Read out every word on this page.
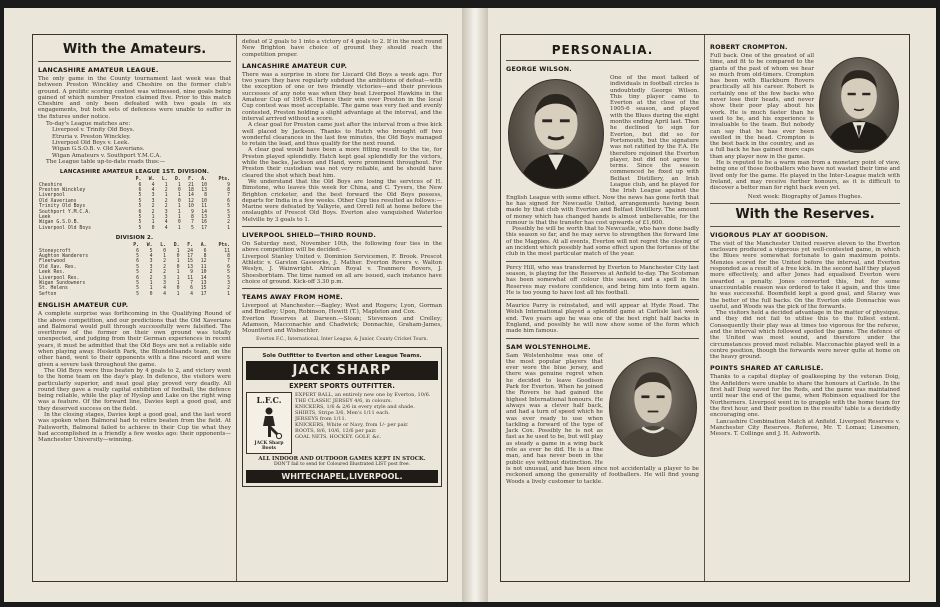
With the Amateurs.
LANCASHIRE AMATEUR LEAGUE.

The only game in the County tournament last week was that between Preston Winckley and Cheshire on the former club's ground. A prolific scoring contest was witnessed, nine goals being gained of which number Preston claimed five. Prior to this match Cheshire and only been defeated with two goals in six engagements, but both sets of defences were unable to suffer in the fixtures under notice.

To-day's League matches are:

Liverpool v. Trinity Old Boys.

Etruria v. Preston Winckley.

Liverpool Old Boys v. Leek.

Wigan G.S.O.B. v. Old Xaverians.

Wigan Amateurs v. Southport Y.M.C.A.

The League table up-to-date reads thus:—

LANCASHIRE AMATEUR LEAGUE 1ST. DIVISION.
	P.	W.	L.	D.	F.	A.	Pts.
Cheshire	6	4	1	1	21	10	9
Preston Winckley	6	4	2	0	18	13	8
Liverpool	5	3	1	1	14	8	7
Old Xaverians	5	3	2	0	12	10	6
Trinity Old Boys	5	2	2	1	10	11	5
Southport Y.M.C.A.	6	2	3	1	9	14	5
Leek	5	1	3	1	8	13	3
Wigan G.S.O.B.	5	1	4	0	7	16	2
Liverpool Old Boys	5	0	4	1	5	17	1
DIVISION 2.
	P.	W.	L.	D.	F.	A.	Pts.
Stoneycroft	6	5	0	1	24	6	11
Aughton Wanderers	5	4	1	0	17	8	8
Fleetwood	6	3	2	1	15	12	7
Old Xav. Res.	5	3	2	0	13	11	6
Leek Res.	5	2	2	1	9	10	5
Liverpool Res.	6	2	3	1	11	14	5
Wigan Sundowners	5	1	3	1	7	13	3
St. Helens	5	1	4	0	6	15	2
Sefton	5	0	4	1	4	17	1
ENGLISH AMATEUR CUP.

A complete surprise was forthcoming in the Qualifying Round of the above competition, and our predictions that the Old Xaverians and Balmoral would pull through successfully were falsified. The overthrow of the former on their own ground was totally unexpected, and judging from their German experiences in recent years, it must be admitted that the Old Boys are not a reliable side when playing away. Hesketh Park, the Blundellsands team, on the other hand, went to their opponents with a fine record and were given a severe task throughout the game.

The Old Boys were thus beaten by 4 goals to 2, and victory went to the home team on the day's play. In defence, the visitors were particularly superior, and neat goal play proved very deadly. All round they gave a really capital exhibition of football, the defence being reliable, while the play of Hyslop and Lake on the right wing was a feature. Of the forward line, Davies kept a good goal, and they deserved success on the field.

In the closing stages, Davies kept a good goal, and the last word was spoken when Balmoral had to retire beaten from the field. At Failsworth, Balmoral failed to achieve in their Cup tie what they had accomplished in a friendly a few weeks ago: their opponents—Manchester University—winning.

defeat of 2 goals to 1 into a victory of 4 goals to 2. If in the next round New Brighton have choice of ground they should reach the competition proper.

LANCASHIRE AMATEUR CUP.

There was a surprise in store for Liscard Old Boys a week ago. For two years they have regularly subdued the ambitions of defeat—with the exception of one or two friendly victories—and their previous successes of any note was when they beat Liverpool Hawkins in the Amateur Cup of 1905-6. Hence their win over Preston in the local Cup contest was most acceptable. The game was very fast and evenly contested, Preston holding a slight advantage at the interval, and the interval arrived without a score.

A clear goal for Preston came just after the interval from a free kick well placed by Jackson. Thanks to Hatch who brought off two wonderful clearances in the last few minutes, the Old Boys managed to retain the lead, and thus qualify for the next round.

A clear goal would have been a more fitting result to the tie, for Preston played splendidly. Hatch kept goal splendidly for the victors, while the backs, Jackson and Hand, were prominent throughout. For Preston their custodian was not very reliable, and he should have cleared the shot which beat him.

We understand that the Old Boys are losing the services of H. Bimstone, who leaves this week for China, and C. Tyvers, the New Brighton cricketer, and the best forward the Old Boys possess, departs for India in a few weeks. Other Cup ties resulted as follows:—Marine were defeated by Valkyrie, and Orrell fell at home before the onslaughts of Prescot Old Boys. Everton also vanquished Waterloo Melville by 3 goals to 1.

LIVERPOOL SHIELD—THIRD ROUND.

On Saturday next, November 10th, the following four ties in the above competition will be decided:—

Liverpool Stanley United v. Dominion Servicemen, F. Brook. Prescot Athletic v. Garston Gasworks, J. Mather. Everton Rovers v. Walton Weslyn, J. Wainwright. African Royal v. Tranmere Rovers, J. Shoesborhtam. The time named on all are issued, each instance have choice of ground. Kick-off 3.30 p.m.

TEAMS AWAY FROM HOME.

Liverpool at Manchester.—Bagley; West and Rogers; Lyon, Gorman and Bradley; Upon, Robinson, Hewitt (T.), Mapleton and Cox.

Everton Reserves at Darwen.—Sloan; Stevenson and Crelley; Adamson, Macconachie and Chadwick; Donnachie, Graham-James, Mountford and Wisbechler.

Everton F.C., International, Inter League, & Junior, County Cricket Tourn.

Sole Outfitter to Everton and other League Teams.
JACK SHARP
EXPERT SPORTS OUTFITTER.
L.F.C.
JACK Sharp Boots
EXPERT BALL, an entirely new one by Everton, 10/6.
THE CLASSIC JERSEY 4/6, in colours.
KNICKERS, 1/6 & 2/6 in every style and shade.
SHIRTS, Stripe 3/6, Men's 1/11 each.
JERSEYS from 1/11.
KNICKERS, White or Navy, from 1/- per pair.
BOOTS, 8/6, 10/6, 12/6 per pair.
GOAL NETS. HOCKEY. GOLF. &c.
ALL INDOOR AND OUTDOOR GAMES KEPT IN STOCK.
DON'T fail to send for Coloured Illustrated LIST post free.
WHITECHAPEL,LIVERPOOL.
PERSONALIA.
GEORGE WILSON.

One of the most talked of individuals in football circles is undoubtedly George Wilson. This tiny player came to Everton at the close of the 1905-6 season, and played with the Blues during the eight months ending April last. Then he declined to sign for Everton, but did so for Portsmouth, but the signature was not ratified by the F.A. He therefore rejoined the Everton player, but did not agree to terms. Since the season commenced he fixed up with Belfast Distillery, an Irish League club, and he played for the Irish League against the English League with some effect. Now the news has gone forth that he has signed for Newcastle United, arrangements having been made by that club with Everton and Belfast Distillery. The amount of money which has changed hands is almost unbelievable, for the rumour is that the transfer has cost upwards of £1,600.

Possibly he will be worth that to Newcastle, who have done badly this season so far, and he may serve to strengthen the forward line of the Magpies. At all events, Everton will not regret the closing of an incident which possibly had some effect upon the fortunes of the club in the most particular match of the year.

Percy Hill, who was transferred by Everton to Manchester City last season, is playing for the Reserves at Anfield to-day. The Scotsman has been somewhat off colour this season, and a spell in the Reserves may restore confidence, and bring him into form again. He is too young to have lost all his football.

Maurice Parry is reinstated, and will appear at Hyde Road. The Welsh International played a splendid game at Carlisle last week end. Two years ago he was one of the best right half backs in England, and possibly he will now show some of the form which made him famous.

SAM WOLSTENHOLME.

Sam Wolstenholme was one of the most popular players that ever wore the blue jersey, and there was genuine regret when he decided to leave Goodison Park for Everton. When he joined the Rovers he had gained the highest International honours. He always was a clever half back, and had a turn of speed which he was ever ready to use when tackling a forward of the type of Jack Cox. Possibly he is not as fast as he used to be, but will play as steady a game in a wing back role as ever he did. He is a fine man, and has never been in the public eye without distinction. He is not unusual, and has been since not accidentally a player to be reckoned among the generality of footballers. He will find young Woods a lively customer to tackle.

ROBERT CROMPTON.

Full back. One of the greatest of all time, and fit to be compared to the giants of the past of whom we hear so much from old-timers. Crompton has been with Blackburn Rovers practically all his career. Robert is certainly one of the few backs who never lose their heads, and never show their poor play about his work. He is much faster than he used to be, and his experience is invaluable to the team. But nobody can say that he has ever been swelled in the head. Crompton is the best back in the country, and as a full back he has gained more caps than any player now in the game.

He is reputed to be a warm man from a monetary point of view, being one of those footballers who have not wasted their time and lived only for the game. He played in the Inter-League match with Ireland, and may receive further honours, as it is difficult to discover a better man for right back even yet.

Next week: Biography of James Hughes.

With the Reserves.
VIGOROUS PLAY AT GOODISON.

The visit of the Manchester United reserve eleven to the Everton enclosure produced a vigorous yet well-contested game, in which the Blues were somewhat fortunate to gain maximum points. Menzies scored for the United before the interval, and Everton responded as a result of a free kick. In the second half they played more effectively, and after Jones had equalised Everton were awarded a penalty. Jones converted this, but for some unaccountable reason was ordered to take it again, and this time he was successful. Boomfield kept a good goal, and Stacey was the better of the full backs. On the Everton side Donnachie was useful, and Woods was the pick of the forwards.

The visitors held a decided advantage in the matter of physique, and they did not fail to utilise this to the fullest extent. Consequently their play was at times too vigorous for the referee, and the interval which followed spoiled the game. The defence of the United was most sound, and therefore under the circumstances proved most reliable. Macconachie played well in a centre position, though the forwards were never quite at home on the heavy ground.

POINTS SHARED AT CARLISLE.

Thanks to a capital display of goalkeeping by the veteran Doig, the Anfielders were unable to share the honours at Carlisle. In the first half Doig saved for the Reds, and the game was maintained until near the end of the game, when Robinson equalised for the Northerners. Liverpool went in to grapple with the home team for the first hour, and their position in the results' table is a decidedly encouraging one.

Lancashire Combination Match at Anfield. Liverpool Reserves v. Manchester City Reserves. Referee, Mr. T. Lomax; Linesmen, Messrs. T. Collinge and J. H. Ashworth.
